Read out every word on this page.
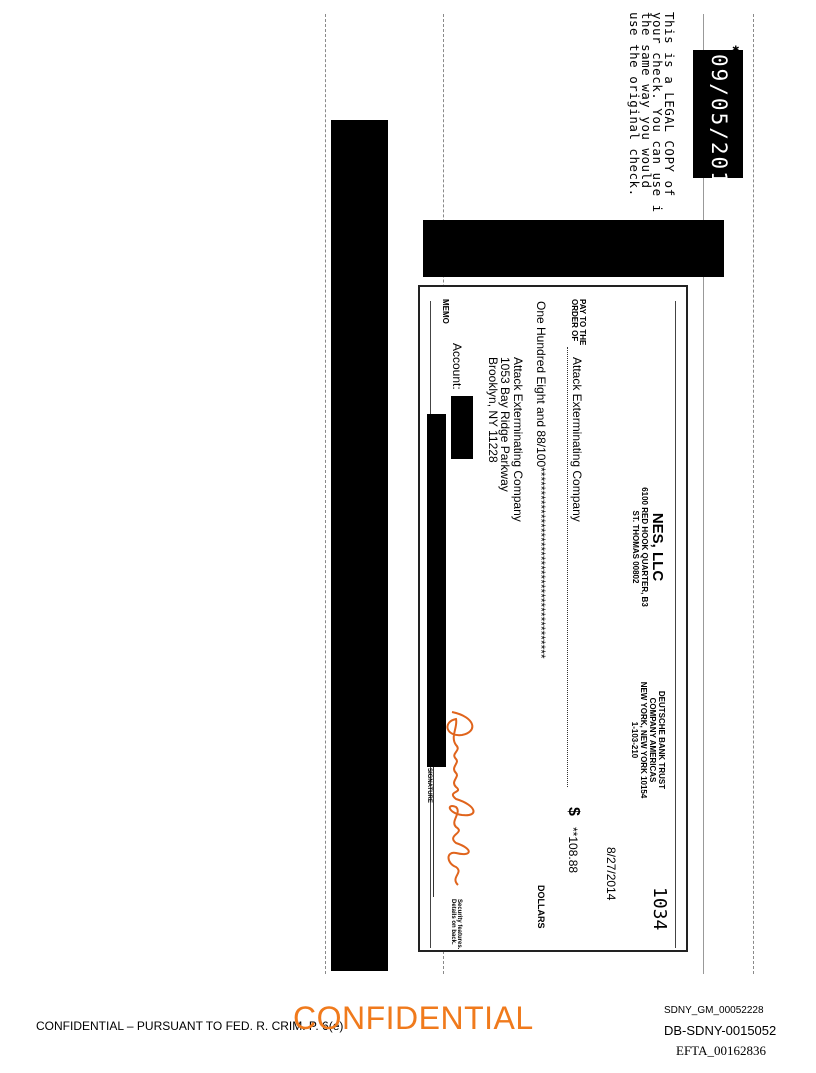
This is a LEGAL COPY of
your check. You can use i
the same way you would
use the original check.	09/05/2014
✱
✱
NES, LLC
6100 RED HOOK QUARTER, B3
ST. THOMAS 00802
DEUTSCHE BANK TRUST
COMPANY AMERICAS
NEW YORK, NEW YORK 10154
1-103-210
1034
8/27/2014
PAY TO THE
ORDER OF
Attack Exterminating Company
$
**108.88
One Hundred Eight and 88/100*****************************************
DOLLARS
Attack Exterminating Company
1053 Bay Ridge Parkway
Brooklyn, NY 11228
Account:
MEMO
Security features. Details on back.
CONFIDENTIAL – PURSUANT TO FED. R. CRIM. P. 6(e)
CONFIDENTIAL	SDNY_GM_00052228
DB-SDNY-0015052
EFTA_00162836
